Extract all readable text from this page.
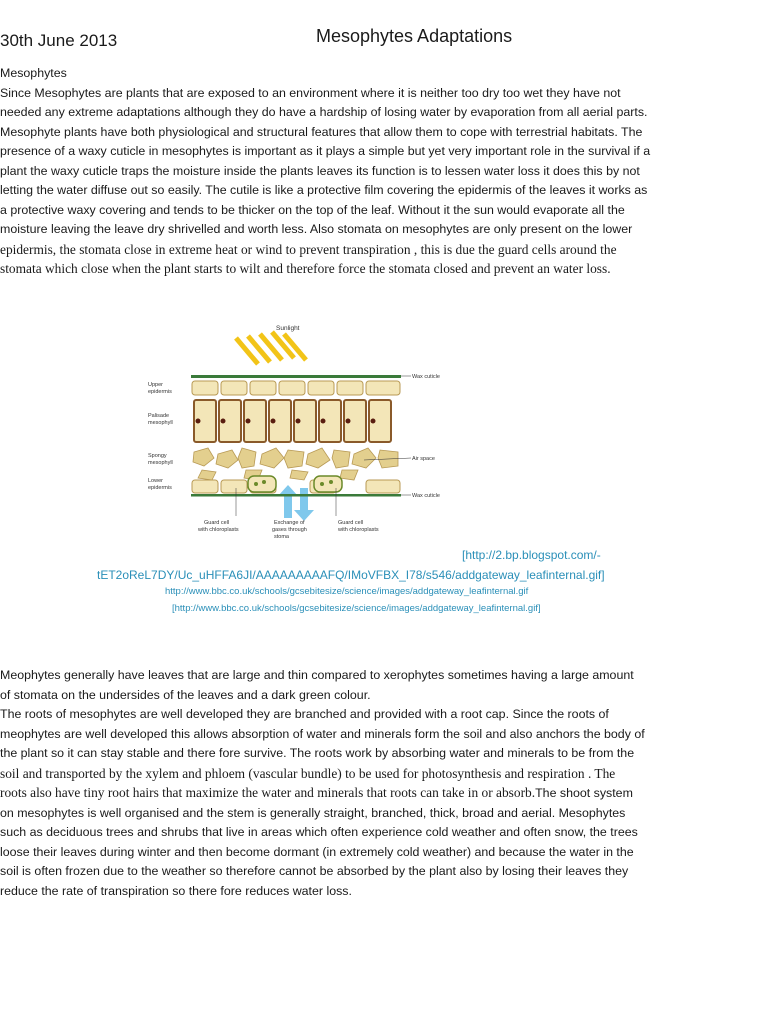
30th June 2013	Mesophytes Adaptations
Mesophytes
Since Mesophytes are plants that are exposed to an environment where it is neither too dry too wet they have not
needed any extreme adaptations although they do have a hardship of losing water by evaporation from all aerial parts.
Mesophyte plants have both physiological and structural features that allow them to cope with terrestrial habitats. The
presence of a waxy cuticle in mesophytes is important as it plays a simple but yet very important role in the survival if a
plant the waxy cuticle traps the moisture inside the plants leaves its function is to lessen water loss it does this by not
letting the water diffuse out so easily. The cutile is like a protective film covering the epidermis of the leaves it works as
a protective waxy covering and tends to be thicker on the top of the leaf. Without it the sun would evaporate all the
moisture leaving the leave dry shrivelled and worth less. Also stomata on mesophytes are only present on the lower
epidermis, the stomata close in extreme heat or wind to prevent transpiration , this is due the guard cells around the
stomata which close when the plant starts to wilt and therefore force the stomata closed and prevent an water loss.
Sunlight
Wax cuticle
Upper
epidermis
Palisade
mesophyll
Air space
Spongy
mesophyll
Lower
epidermis
Wax cuticle
Guard cell
with chloroplasts
Exchange of
gases through
stoma
Guard cell
with chloroplasts
[http://2.bp.blogspot.com/-
tET2oReL7DY/Uc_uHFFA6JI/AAAAAAAAAFQ/IMoVFBX_I78/s546/addgateway_leafinternal.gif]
http://www.bbc.co.uk/schools/gcsebitesize/science/images/addgateway_leafinternal.gif
[http://www.bbc.co.uk/schools/gcsebitesize/science/images/addgateway_leafinternal.gif]
Meophytes generally have leaves that are large and thin compared to xerophytes sometimes having a large amount
of stomata on the undersides of the leaves and a dark green colour.
The roots of mesophytes are well developed they are branched and provided with a root cap. Since the roots of
meophytes are well developed this allows absorption of water and minerals form the soil and also anchors the body of
the plant so it can stay stable and there fore survive. The roots work by absorbing water and minerals to be from the
soil and transported by the xylem and phloem (vascular bundle) to be used for photosynthesis and respiration . The
roots also have tiny root hairs that maximize the water and minerals that roots can take in or absorb.The shoot system
on mesophytes is well organised and the stem is generally straight, branched, thick, broad and aerial. Mesophytes
such as deciduous trees and shrubs that live in areas which often experience cold weather and often snow, the trees
loose their leaves during winter and then become dormant (in extremely cold weather) and because the water in the
soil is often frozen due to the weather so therefore cannot be absorbed by the plant also by losing their leaves they
reduce the rate of transpiration so there fore reduces water loss.
